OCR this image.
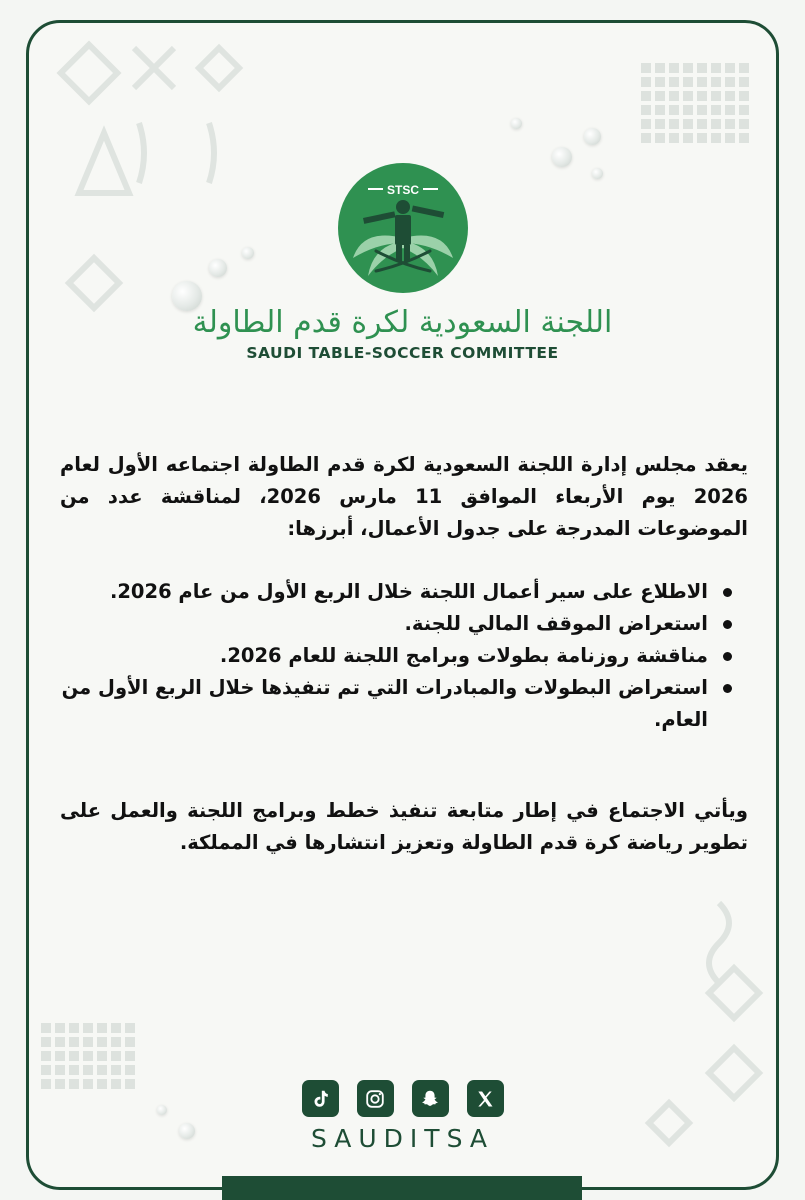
STSC
اللجنة السعودية لكرة قدم الطاولة
SAUDI TABLE-SOCCER COMMITTEE

يعقد مجلس إدارة اللجنة السعودية لكرة قدم الطاولة اجتماعه الأول لعام 2026 يوم الأربعاء الموافق 11 مارس 2026، لمناقشة عدد من الموضوعات المدرجة على جدول الأعمال، أبرزها:

الاطلاع على سير أعمال اللجنة خلال الربع الأول من عام 2026.
استعراض الموقف المالي للجنة.
مناقشة روزنامة بطولات وبرامج اللجنة للعام 2026.
استعراض البطولات والمبادرات التي تم تنفيذها خلال الربع الأول من العام.

ويأتي الاجتماع في إطار متابعة تنفيذ خطط وبرامج اللجنة والعمل على تطوير رياضة كرة قدم الطاولة وتعزيز انتشارها في المملكة.

SAUDITSA
